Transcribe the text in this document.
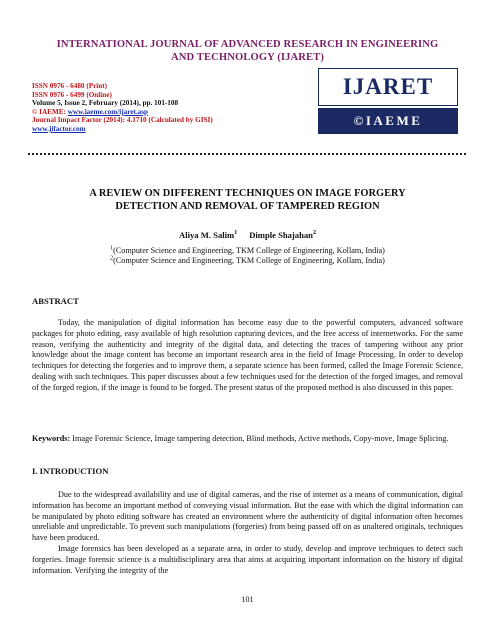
INTERNATIONAL JOURNAL OF ADVANCED RESEARCH IN ENGINEERING
AND TECHNOLOGY (IJARET)
ISSN 0976 - 6480 (Print)
ISSN 0976 - 6499 (Online)
Volume 5, Issue 2, February (2014), pp. 101-108
© IAEME: www.iaeme.com/ijaret.asp
Journal Impact Factor (2014): 4.1710 (Calculated by GISI)
www.jifactor.com
IJARET
©IAEME
A REVIEW ON DIFFERENT TECHNIQUES ON IMAGE FORGERY
DETECTION AND REMOVAL OF TAMPERED REGION
Aliya M. Salim$^1$ Dimple Shajahan$^2$
$^1$(Computer Science and Engineering, TKM College of Engineering, Kollam, India)
$^2$(Computer Science and Engineering, TKM College of Engineering, Kollam, India)
ABSTRACT
Today, the manipulation of digital information has become easy due to the powerful computers, advanced software packages for photo editing, easy available of high resolution capturing devices, and the free access of internetworks. For the same reason, verifying the authenticity and integrity of the digital data, and detecting the traces of tampering without any prior knowledge about the image content has become an important research area in the field of Image Processing. In order to develop techniques for detecting the forgeries and to improve them, a separate science has been formed, called the Image Forensic Science, dealing with such techniques. This paper discusses about a few techniques used for the detection of the forged images, and removal of the forged region, if the image is found to be forged. The present status of the proposed method is also discussed in this paper.
Keywords: Image Forensic Science, Image tampering detection, Blind methods, Active methods, Copy-move, Image Splicing.
I. INTRODUCTION
Due to the widespread availability and use of digital cameras, and the rise of internet as a means of communication, digital information has become an important method of conveying visual information. But the ease with which the digital information can be manipulated by photo editing software has created an environment where the authenticity of digital information often becomes unreliable and unpredictable. To prevent such manipulations (forgeries) from being passed off on as unaltered originals, techniques have been produced.
Image forensics has been developed as a separate area, in order to study, develop and improve techniques to detect such forgeries. Image forensic science is a multidisciplinary area that aims at acquiring important information on the history of digital information. Verifying the integrity of the
101
